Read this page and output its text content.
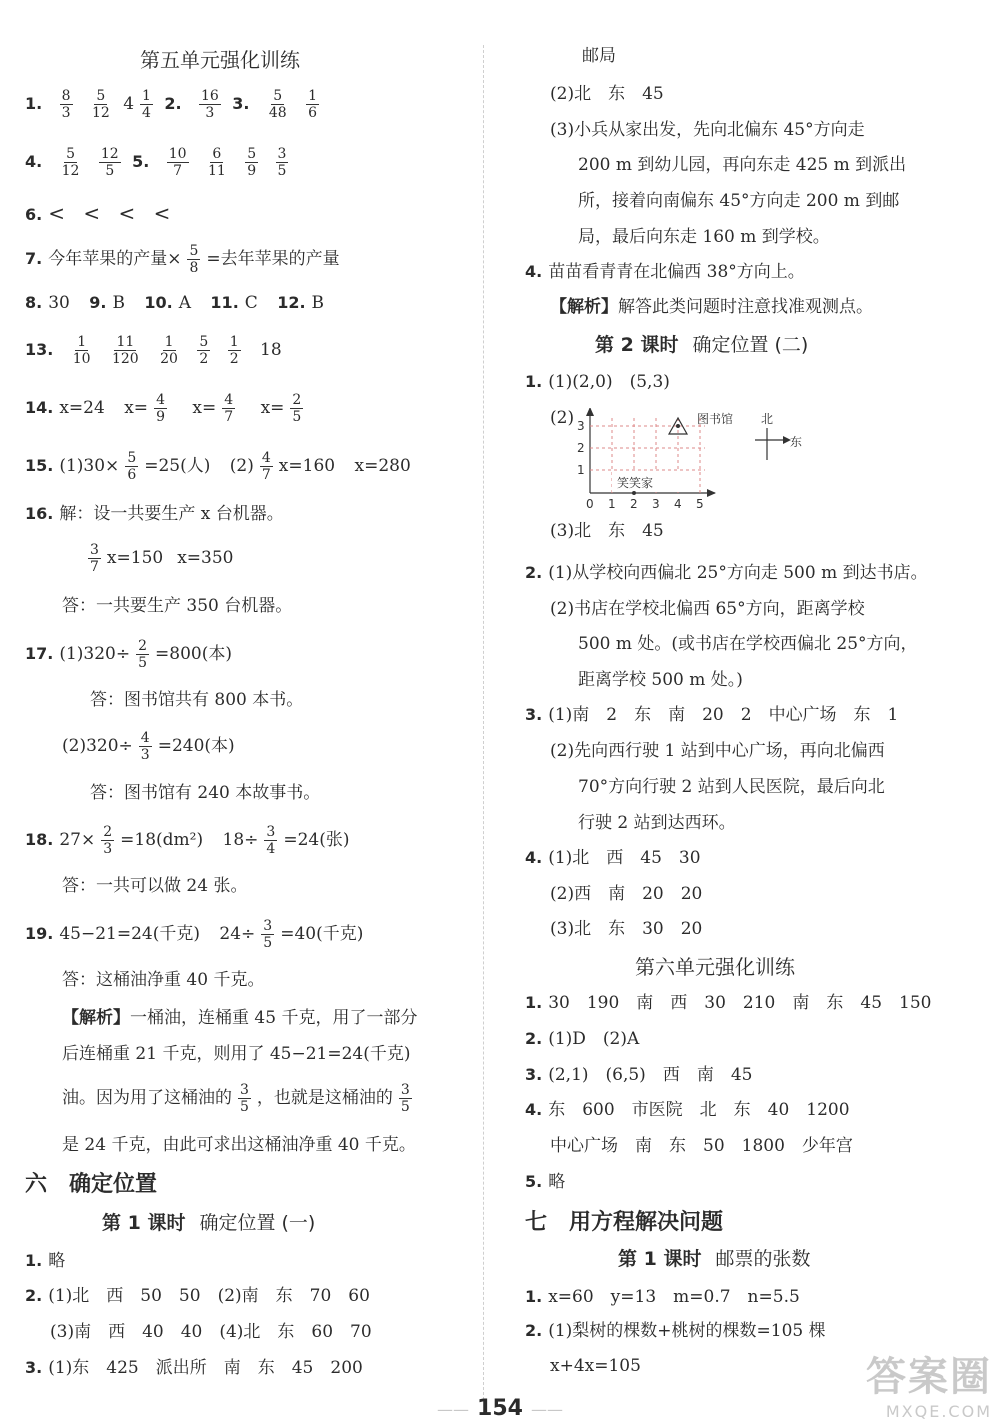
第五单元强化训练
1. $\frac{8}{3}$
$\frac{5}{12} 4 \frac{1}{4} 2$. $\frac{16}{3} 3$. $\frac{5}{48}$
$\frac{1}{6}$
4. $\frac{5}{12}$
$\frac{12}{5} 5$. $\frac{10}{7}$
$\frac{6}{11}$
$\frac{5}{9}$
$\frac{3}{5}$
6. < < < <
7. 今年苹果的产量× $\frac{5}{8}$ =去年苹果的产量
8. 30 9. B 10. A 11. C 12. B
13. $\frac{1}{10}$
$\frac{11}{120}$
$\frac{1}{20}$
$\frac{5}{2}$
$\frac{1}{2} 18$
14. x=24 $x= \frac{4}{9} x= \frac{4}{7} x= \frac{2}{5}$
15. $(1)30\times \frac{5}{6} =25$(人) $(2) \frac{4}{7} x=160$ x=280
16. 解：设一共要生产 x 台机器。
$\frac{3}{7} x=150$ x=350
答：一共要生产 350 台机器。
17. $(1)320\div \frac{2}{5} =800$(本)
答：图书馆共有 800 本书。
$(2)320\div \frac{4}{3} =240$(本)
答：图书馆有 240 本故事书。
18. $27\times \frac{2}{3} =18(dm^2)$ $18\div \frac{3}{4} =24$(张)
答：一共可以做 24 张。
19. 45−21=24(千克) $24\div \frac{3}{5} =40$(千克)
答：这桶油净重 40 千克。
【解析】一桶油，连桶重 45 千克，用了一部分
后连桶重 21 千克，则用了 45−21=24(千克)
油。因为用了这桶油的 $\frac{3}{5}$ ，也就是这桶油的 $\frac{3}{5}$
是 24 千克，由此可求出这桶油净重 40 千克。
六　确定位置
第 1 课时 确定位置 (一)
1. 略
2. (1)北　西　50　50　(2)南　东　70　60
(3)南　西　40　40　(4)北　东　60　70
3. (1)东　425　派出所　南　东　45　200
邮局
(2)北　东　45
(3)小兵从家出发，先向北偏东 45°方向走
200 m 到幼儿园，再向东走 425 m 到派出
所，接着向南偏东 45°方向走 200 m 到邮
局，最后向东走 160 m 到学校。
4. 苗苗看青青在北偏西 38°方向上。
【解析】解答此类问题时注意找准观测点。
第 2 课时 确定位置 (二)
1. (1)(2,0)　(5,3)
(2)
(3)北　东　45
2. (1)从学校向西偏北 25°方向走 500 m 到达书店。
(2)书店在学校北偏西 65°方向，距离学校
500 m 处。(或书店在学校西偏北 25°方向，
距离学校 500 m 处。)
3. (1)南　2　东　南　20　2　中心广场　东　1
(2)先向西行驶 1 站到中心广场，再向北偏西
70°方向行驶 2 站到人民医院，最后向北
行驶 2 站到达西环。
4. (1)北　西　45　30
(2)西　南　20　20
(3)北　东　30　20
第六单元强化训练
1. 30　190　南　西　30　210　南　东　45　150
2. (1)D　(2)A
3. (2,1)　(6,5)　西　南　45
4. 东　600　市医院　北　东　40　1200
中心广场　南　东　50　1800　少年宫
5. 略
七　用方程解决问题
第 1 课时 邮票的张数
1. x=60　y=13　m=0.7　n=5.5
2. (1)梨树的棵数+桃树的棵数=105 棵
x+4x=105
图书馆 北
东
笑笑家
0 1 2 3 4 5
1
2
3
—— 154 ——
答案圈
MXQE.COM
